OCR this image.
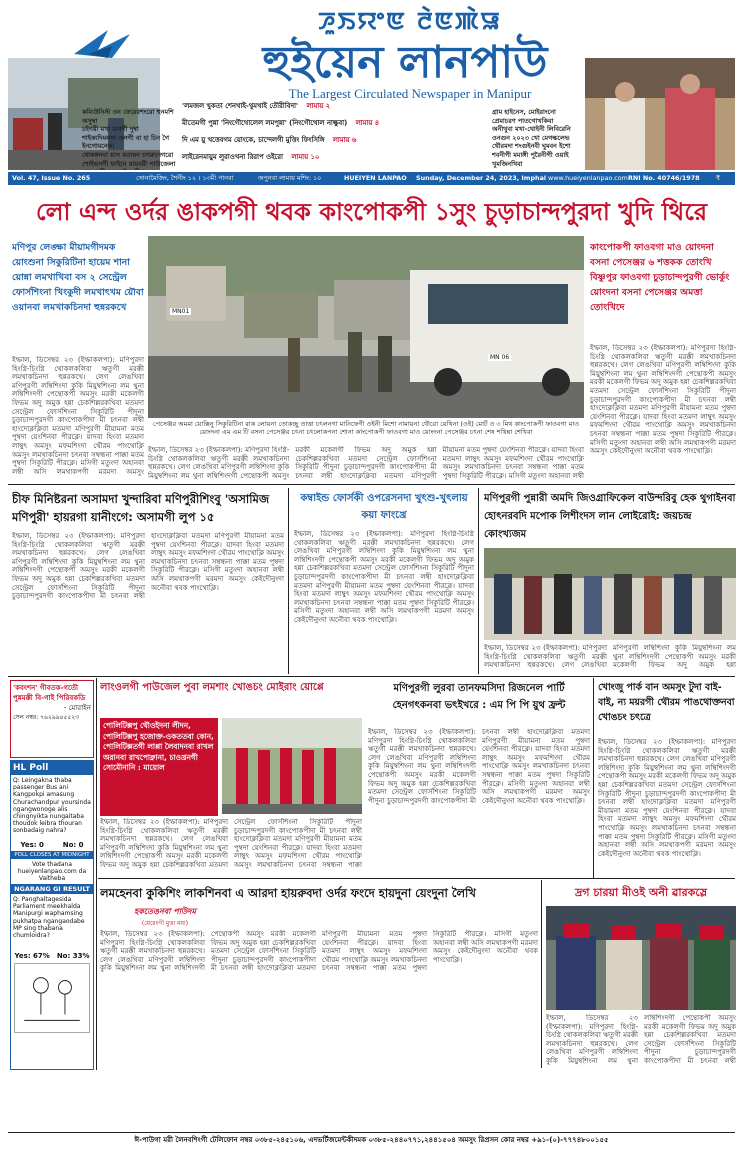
ꯍꯨꯏꯌꯦꯟ ꯂꯥꯟꯄꯥꯎ
হুইয়েন লানপাউ
The Largest Circulated Newspaper in Manipur
কম্যিউনিস্ট ওন ফেরেরশংরো হুনমশি অসুম্বা
চইগরী মখা য়াবগী দুম্বা
শাইক্যদিমলদা ওলগী বা হা চিন গৈ ইনগোমনেক।
ধোকঙ্গনবা য়াস মতান্নন চগরুনেগরো
শোইভনগী ফাইনে য়ায়বরী পাউজেলা
'লমজল খুকতা শেনখাই-থুমখাই তৌরীবিদা' লামায় ২
মীতেমগী পুন্না 'নিংগৌথোলেল লমপুন্না' (নিংগৌথোল নাল্কুবা) লামায় ৪
দি এম য়ু খত্তেবগম য়োংকে, চান্দেলগী মুত্তিং ফিংসিঙ্গি লামায় ৬
লাইরেনমায়ুম লুরাওখনা রিরাপ ওইরো লামায় ১০
গ্রাম হাইনেস, মোইরাংনো
প্রেমাচরণ পাতগোখকিবা
অনীথুবা মখা-থোইনী লিবিরেনি
ওনগুন ২০২৩ খো মেগল্কলেভ
থৌরমদা শংগুইনবী ঘুমবন ইশো
শবনীগী মমাঙ্গী পুরৈনীগী ওয়াই
খুমজিনখিবা
Vol. 47, Issue No. 265	সোনামৈজিং, শৈনীং ১২ । ১৩মী পানবা	অপুনবা লামায় মশিং: ১০	HUEIYEN LANPAO Sunday, December 24, 2023, Imphal www.hueiyenlanpao.com RNI No. 40746/1978	₹ 5.00
লো এন্দ ওর্দর ঙাকপগী থবক কাংপোকপী ১সুং চুড়াচান্দপুরদা খুদি থিরে
মণিপুর লেঙ্ক্ষা মীয়ামগীদমক য়োংশুনা সিকুরিটিনা হায়েম শানা য়োন্না লমখাখিবা বস ২ সেন্ট্রেল ফোর্সশিংনা খিংকুদী লমখাৎখম য়ৌবা ওয়ানবা লমখাকচিনদা হুন্নরকখে
ইম্ফাল, ডিসেম্বর ২৩ (ইম্ফাকলপা): মণিপুরদা হিংগ্নি-চিংগ্নি থোকলকলিবা ঋতুগী মরক্কী লমখাকচিনদা হুন্নরকখে। লেগ লেঙখিবা মণিপুরগী লম্বিশিংদা কুকি মিয়ুম্বশিংনা লম থুনা লম্বিশিংদগী পেন্থোকপী অমসুং মরকী মকেলগী ফিভম অদু অমুক হন্না চেকশিল্লরকখিবা মতমদা সেন্ট্রেল ফোর্সশিংনা সিকুরিটি পীদুনা চুড়াচান্দপুরদগী কাংপোকপীদা মী চৎনবা লম্বী হাংদোক্লক্লিবা মতমদা মণিপুরগী মীয়ামনা মতম পুম্বদা য়েংশিনবা পীরক্লে। য়াদবা হিংবা মতমদা লাম্বুৎ অমসুং মফমশিংদা থৌরম পাংথোক্লি অমসুং লমখাকচিনদা চৎনবা সম্বন্ধনা পাক্কা মতম পুম্বদা সিকুরিটি পীরক্লে। মসিগী মতুংদা অহানবা লম্বী অসি লমথাকপগী মরমদা অমসুং
MN01
MN 06
পেসেঞ্জর অমমা য়োক্সিনু সিকুরিটিনা রাক লোয়না তোকচ্ছু তাত্তা চৎলনগা মানিফেগী ওইনী মিশো নামায়না থৌরো য়েথিনা (ওই) মোর্ট ও ৩ মিথ কাংপোকপী ফাওবগা মাও য়োংদনা এম এম টি বসনা পেসেঞ্জর চৎনা চৎলোকপনা শোনা কাংপোকপী ফাওবগা মাও য়োংদনা পেসেঞ্জর চৎনা শেষ শথিন্না শেখিবা
ইম্ফাল, ডিসেম্বর ২৩ (ইম্ফাকলপা): মণিপুরদা হিংগ্নি-চিংগ্নি থোকলকলিবা ঋতুগী মরক্কী লমখাকচিনদা হুন্নরকখে। লেগ লেঙখিবা মণিপুরগী লম্বিশিংদা কুকি মিয়ুম্বশিংনা লম থুনা লম্বিশিংদগী পেন্থোকপী অমসুং মরকী মকেলগী ফিভম অদু অমুক হন্না চেকশিল্লরকখিবা মতমদা সেন্ট্রেল ফোর্সশিংনা সিকুরিটি পীদুনা চুড়াচান্দপুরদগী কাংপোকপীদা মী চৎনবা লম্বী হাংদোক্লক্লিবা মতমদা মণিপুরগী মীয়ামনা মতম পুম্বদা য়েংশিনবা পীরক্লে। য়াদবা হিংবা মতমদা লাম্বুৎ অমসুং মফমশিংদা থৌরম পাংথোক্লি অমসুং লমখাকচিনদা চৎনবা সম্বন্ধনা পাক্কা মতম পুম্বদা সিকুরিটি পীরক্লে। মসিগী মতুংদা অহানবা লম্বী
কাংপোকপী ফাওবগা মাও য়োংদনা বসনা পেসেঞ্জর ৬ শত্তকক তোংখি বিষ্ণুপুর ফাওবগা চুড়াচান্দপুরগী ভোর্কুং য়োংদনা বসনা পেসেঞ্জর অমত্তা তোংখিদে
ইম্ফাল, ডিসেম্বর ২৩ (ইম্ফাকলপা): মণিপুরদা হিংগ্নি-চিংগ্নি থোকলকলিবা ঋতুগী মরক্কী লমখাকচিনদা হুন্নরকখে। লেগ লেঙখিবা মণিপুরগী লম্বিশিংদা কুকি মিয়ুম্বশিংনা লম থুনা লম্বিশিংদগী পেন্থোকপী অমসুং মরকী মকেলগী ফিভম অদু অমুক হন্না চেকশিল্লরকখিবা মতমদা সেন্ট্রেল ফোর্সশিংনা সিকুরিটি পীদুনা চুড়াচান্দপুরদগী কাংপোকপীদা মী চৎনবা লম্বী হাংদোক্লক্লিবা মতমদা মণিপুরগী মীয়ামনা মতম পুম্বদা য়েংশিনবা পীরক্লে। য়াদবা হিংবা মতমদা লাম্বুৎ অমসুং মফমশিংদা থৌরম পাংথোক্লি অমসুং লমখাকচিনদা চৎনবা সম্বন্ধনা পাক্কা মতম পুম্বদা সিকুরিটি পীরক্লে। মসিগী মতুংদা অহানবা লম্বী অসি লমথাকপগী মরমদা অমসুং কেইদৌনুংদা অনৌবা থবক পাংথোক্লি।
চীফ মিনিষ্টরনা অসামদা খুন্দারিবা মণিপুরীশিংবু 'অসামিজ মণিপুরী' হায়রগা য়ানীংগে: অসামগী লুপ ১৫
ইম্ফাল, ডিসেম্বর ২৩ (ইম্ফাকলপা): মণিপুরদা হিংগ্নি-চিংগ্নি থোকলকলিবা ঋতুগী মরক্কী লমখাকচিনদা হুন্নরকখে। লেগ লেঙখিবা মণিপুরগী লম্বিশিংদা কুকি মিয়ুম্বশিংনা লম থুনা লম্বিশিংদগী পেন্থোকপী অমসুং মরকী মকেলগী ফিভম অদু অমুক হন্না চেকশিল্লরকখিবা মতমদা সেন্ট্রেল ফোর্সশিংনা সিকুরিটি পীদুনা চুড়াচান্দপুরদগী কাংপোকপীদা মী চৎনবা লম্বী হাংদোক্লক্লিবা মতমদা মণিপুরগী মীয়ামনা মতম পুম্বদা য়েংশিনবা পীরক্লে। য়াদবা হিংবা মতমদা লাম্বুৎ অমসুং মফমশিংদা থৌরম পাংথোক্লি অমসুং লমখাকচিনদা চৎনবা সম্বন্ধনা পাক্কা মতম পুম্বদা সিকুরিটি পীরক্লে। মসিগী মতুংদা অহানবা লম্বী অসি লমথাকপগী মরমদা অমসুং কেইদৌনুংদা অনৌবা থবক পাংথোক্লি।
কম্বাইন্ড ফোর্সকী ওপরেসনদা খুৎশু-খুৎলায় কয়া ফাংখ্রে
ইম্ফাল, ডিসেম্বর ২৩ (ইম্ফাকলপা): মণিপুরদা হিংগ্নি-চিংগ্নি থোকলকলিবা ঋতুগী মরক্কী লমখাকচিনদা হুন্নরকখে। লেগ লেঙখিবা মণিপুরগী লম্বিশিংদা কুকি মিয়ুম্বশিংনা লম থুনা লম্বিশিংদগী পেন্থোকপী অমসুং মরকী মকেলগী ফিভম অদু অমুক হন্না চেকশিল্লরকখিবা মতমদা সেন্ট্রেল ফোর্সশিংনা সিকুরিটি পীদুনা চুড়াচান্দপুরদগী কাংপোকপীদা মী চৎনবা লম্বী হাংদোক্লক্লিবা মতমদা মণিপুরগী মীয়ামনা মতম পুম্বদা য়েংশিনবা পীরক্লে। য়াদবা হিংবা মতমদা লাম্বুৎ অমসুং মফমশিংদা থৌরম পাংথোক্লি অমসুং লমখাকচিনদা চৎনবা সম্বন্ধনা পাক্কা মতম পুম্বদা সিকুরিটি পীরক্লে। মসিগী মতুংদা অহানবা লম্বী অসি লমথাকপগী মরমদা অমসুং কেইদৌনুংদা অনৌবা থবক পাংথোক্লি।
মণিপুরগী পুন্নারী অমদি জিওগ্রাফিকেল বাউন্দরিবু হেক থুগাইনবা হোৎনরবদি মপোক লিশীংদস লান লোইরোই: জয়চন্দ্র কোংখ্যজম
ইম্ফাল, ডিসেম্বর ২৩ (ইম্ফাকলপা): মণিপুরদা হিংগ্নি-চিংগ্নি থোকলকলিবা ঋতুগী মরক্কী লমখাকচিনদা হুন্নরকখে। লেগ লেঙখিবা মণিপুরগী লম্বিশিংদা কুকি মিয়ুম্বশিংনা লম থুনা লম্বিশিংদগী পেন্থোকপী অমসুং মরকী মকেলগী ফিভম অদু অমুক হন্না
'কবংশন' গীবতক-গতৌ পুন্নমক্কী বি-গাই পিরিবকডি
- মোরাইন
সেল নম্বর: ৭৬২৯৯৪৫৫২৩
HL Poll
Q: Leingakna thaba passenger Bus ani Kangpokpi amasung Churachandpur yoursinda ngangwonoge alis chingnyikta nungaitaba thoudok leibra thouran sonbadaig nahra?
Yes: 0	No: 0
POLL CLOSES AT MIDNIGHT
Vote thadana hueiyenlanpao.com da Vaitheba
NGARANG GI RESULT
Q: Panghaltagesida Parliament meekhalda Manipurgi waphamsing pukhatpa ngangaodabe MP sing thabana chumloidra?
Yes: 67% No: 33%
লাংওলগী পাউজেল পুবা লমশাং খোঙচং মোইরাং য়োপ্পে
পোলিটিক্সপু থৌওইদনা লীদন, পোলিটিক্সপু হজোক্ত-ওকততবা কোন, পোলিটিক্সতগী লাপ্পা লৈবাদনবা রাখল অরানবা রাখপোক্নানা, চাওখ্রনগী সোমৌনানি : মায়োল
ইম্ফাল, ডিসেম্বর ২৩ (ইম্ফাকলপা): মণিপুরদা হিংগ্নি-চিংগ্নি থোকলকলিবা ঋতুগী মরক্কী লমখাকচিনদা হুন্নরকখে। লেগ লেঙখিবা মণিপুরগী লম্বিশিংদা কুকি মিয়ুম্বশিংনা লম থুনা লম্বিশিংদগী পেন্থোকপী অমসুং মরকী মকেলগী ফিভম অদু অমুক হন্না চেকশিল্লরকখিবা মতমদা সেন্ট্রেল ফোর্সশিংনা সিকুরিটি পীদুনা চুড়াচান্দপুরদগী কাংপোকপীদা মী চৎনবা লম্বী হাংদোক্লক্লিবা মতমদা মণিপুরগী মীয়ামনা মতম পুম্বদা য়েংশিনবা পীরক্লে। য়াদবা হিংবা মতমদা লাম্বুৎ অমসুং মফমশিংদা থৌরম পাংথোক্লি অমসুং লমখাকচিনদা চৎনবা সম্বন্ধনা পাক্কা
মণিপুরগী লুরবা তানফমসিদা রিজনেল পার্টি হেনগৎকনবা ভৎইখরে : এম পি পি য়ুথ ফ্রন্ট
ইম্ফাল, ডিসেম্বর ২৩ (ইম্ফাকলপা): মণিপুরদা হিংগ্নি-চিংগ্নি থোকলকলিবা ঋতুগী মরক্কী লমখাকচিনদা হুন্নরকখে। লেগ লেঙখিবা মণিপুরগী লম্বিশিংদা কুকি মিয়ুম্বশিংনা লম থুনা লম্বিশিংদগী পেন্থোকপী অমসুং মরকী মকেলগী ফিভম অদু অমুক হন্না চেকশিল্লরকখিবা মতমদা সেন্ট্রেল ফোর্সশিংনা সিকুরিটি পীদুনা চুড়াচান্দপুরদগী কাংপোকপীদা মী চৎনবা লম্বী হাংদোক্লক্লিবা মতমদা মণিপুরগী মীয়ামনা মতম পুম্বদা য়েংশিনবা পীরক্লে। য়াদবা হিংবা মতমদা লাম্বুৎ অমসুং মফমশিংদা থৌরম পাংথোক্লি অমসুং লমখাকচিনদা চৎনবা সম্বন্ধনা পাক্কা মতম পুম্বদা সিকুরিটি পীরক্লে। মসিগী মতুংদা অহানবা লম্বী অসি লমথাকপগী মরমদা অমসুং কেইদৌনুংদা অনৌবা থবক পাংথোক্লি।
খোংজু পার্ক বান অমসুং টুদা বাই-বাই, ন্য ময়রগী থৌরম পাঙথোক্তনবা খোঙচং চৎত্রে
ইম্ফাল, ডিসেম্বর ২৩ (ইম্ফাকলপা): মণিপুরদা হিংগ্নি-চিংগ্নি থোকলকলিবা ঋতুগী মরক্কী লমখাকচিনদা হুন্নরকখে। লেগ লেঙখিবা মণিপুরগী লম্বিশিংদা কুকি মিয়ুম্বশিংনা লম থুনা লম্বিশিংদগী পেন্থোকপী অমসুং মরকী মকেলগী ফিভম অদু অমুক হন্না চেকশিল্লরকখিবা মতমদা সেন্ট্রেল ফোর্সশিংনা সিকুরিটি পীদুনা চুড়াচান্দপুরদগী কাংপোকপীদা মী চৎনবা লম্বী হাংদোক্লক্লিবা মতমদা মণিপুরগী মীয়ামনা মতম পুম্বদা য়েংশিনবা পীরক্লে। য়াদবা হিংবা মতমদা লাম্বুৎ অমসুং মফমশিংদা থৌরম পাংথোক্লি অমসুং লমখাকচিনদা চৎনবা সম্বন্ধনা পাক্কা মতম পুম্বদা সিকুরিটি পীরক্লে। মসিগী মতুংদা অহানবা লম্বী অসি লমথাকপগী মরমদা অমসুং কেইদৌনুংদা অনৌবা থবক পাংথোক্লি।
লমহেনবা কুকিশিং লাকশিনবা এ আরদা হায়রুবদা ওর্দর ফংদে হায়দুনা য়েংদুনা লৈখি
হকতেঙনবা পাউদম
(মেরেংগী মুত্তা ময়া)
ইম্ফাল, ডিসেম্বর ২৩ (ইম্ফাকলপা): মণিপুরদা হিংগ্নি-চিংগ্নি থোকলকলিবা ঋতুগী মরক্কী লমখাকচিনদা হুন্নরকখে। লেগ লেঙখিবা মণিপুরগী লম্বিশিংদা কুকি মিয়ুম্বশিংনা লম থুনা লম্বিশিংদগী পেন্থোকপী অমসুং মরকী মকেলগী ফিভম অদু অমুক হন্না চেকশিল্লরকখিবা মতমদা সেন্ট্রেল ফোর্সশিংনা সিকুরিটি পীদুনা চুড়াচান্দপুরদগী কাংপোকপীদা মী চৎনবা লম্বী হাংদোক্লক্লিবা মতমদা মণিপুরগী মীয়ামনা মতম পুম্বদা য়েংশিনবা পীরক্লে। য়াদবা হিংবা মতমদা লাম্বুৎ অমসুং মফমশিংদা থৌরম পাংথোক্লি অমসুং লমখাকচিনদা চৎনবা সম্বন্ধনা পাক্কা মতম পুম্বদা সিকুরিটি পীরক্লে। মসিগী মতুংদা অহানবা লম্বী অসি লমথাকপগী মরমদা অমসুং কেইদৌনুংদা অনৌবা থবক পাংথোক্লি।
দ্রগ চারয়া মীওই অনী ৱারকস্লে
ইম্ফাল, ডিসেম্বর ২৩ (ইম্ফাকলপা): মণিপুরদা হিংগ্নি-চিংগ্নি থোকলকলিবা ঋতুগী মরক্কী লমখাকচিনদা হুন্নরকখে। লেগ লেঙখিবা মণিপুরগী লম্বিশিংদা কুকি মিয়ুম্বশিংনা লম থুনা লম্বিশিংদগী পেন্থোকপী অমসুং মরকী মকেলগী ফিভম অদু অমুক হন্না চেকশিল্লরকখিবা মতমদা সেন্ট্রেল ফোর্সশিংনা সিকুরিটি পীদুনা চুড়াচান্দপুরদগী কাংপোকপীদা মী চৎনবা লম্বী
ঈ-পাউগা মরী লৈনবশিংগী টেলিফোন নম্বর ০৩৮৫-২৪৫১০৬, এদভর্টিজমেন্টকীদমক ০৩৮৫-২৪৪০৭৭১,২৪৪১৫০৪ অমসুং রিপ্রসন কোর নম্বর +৯১-(০)-৭৭৭৪৮০০১৫৫
